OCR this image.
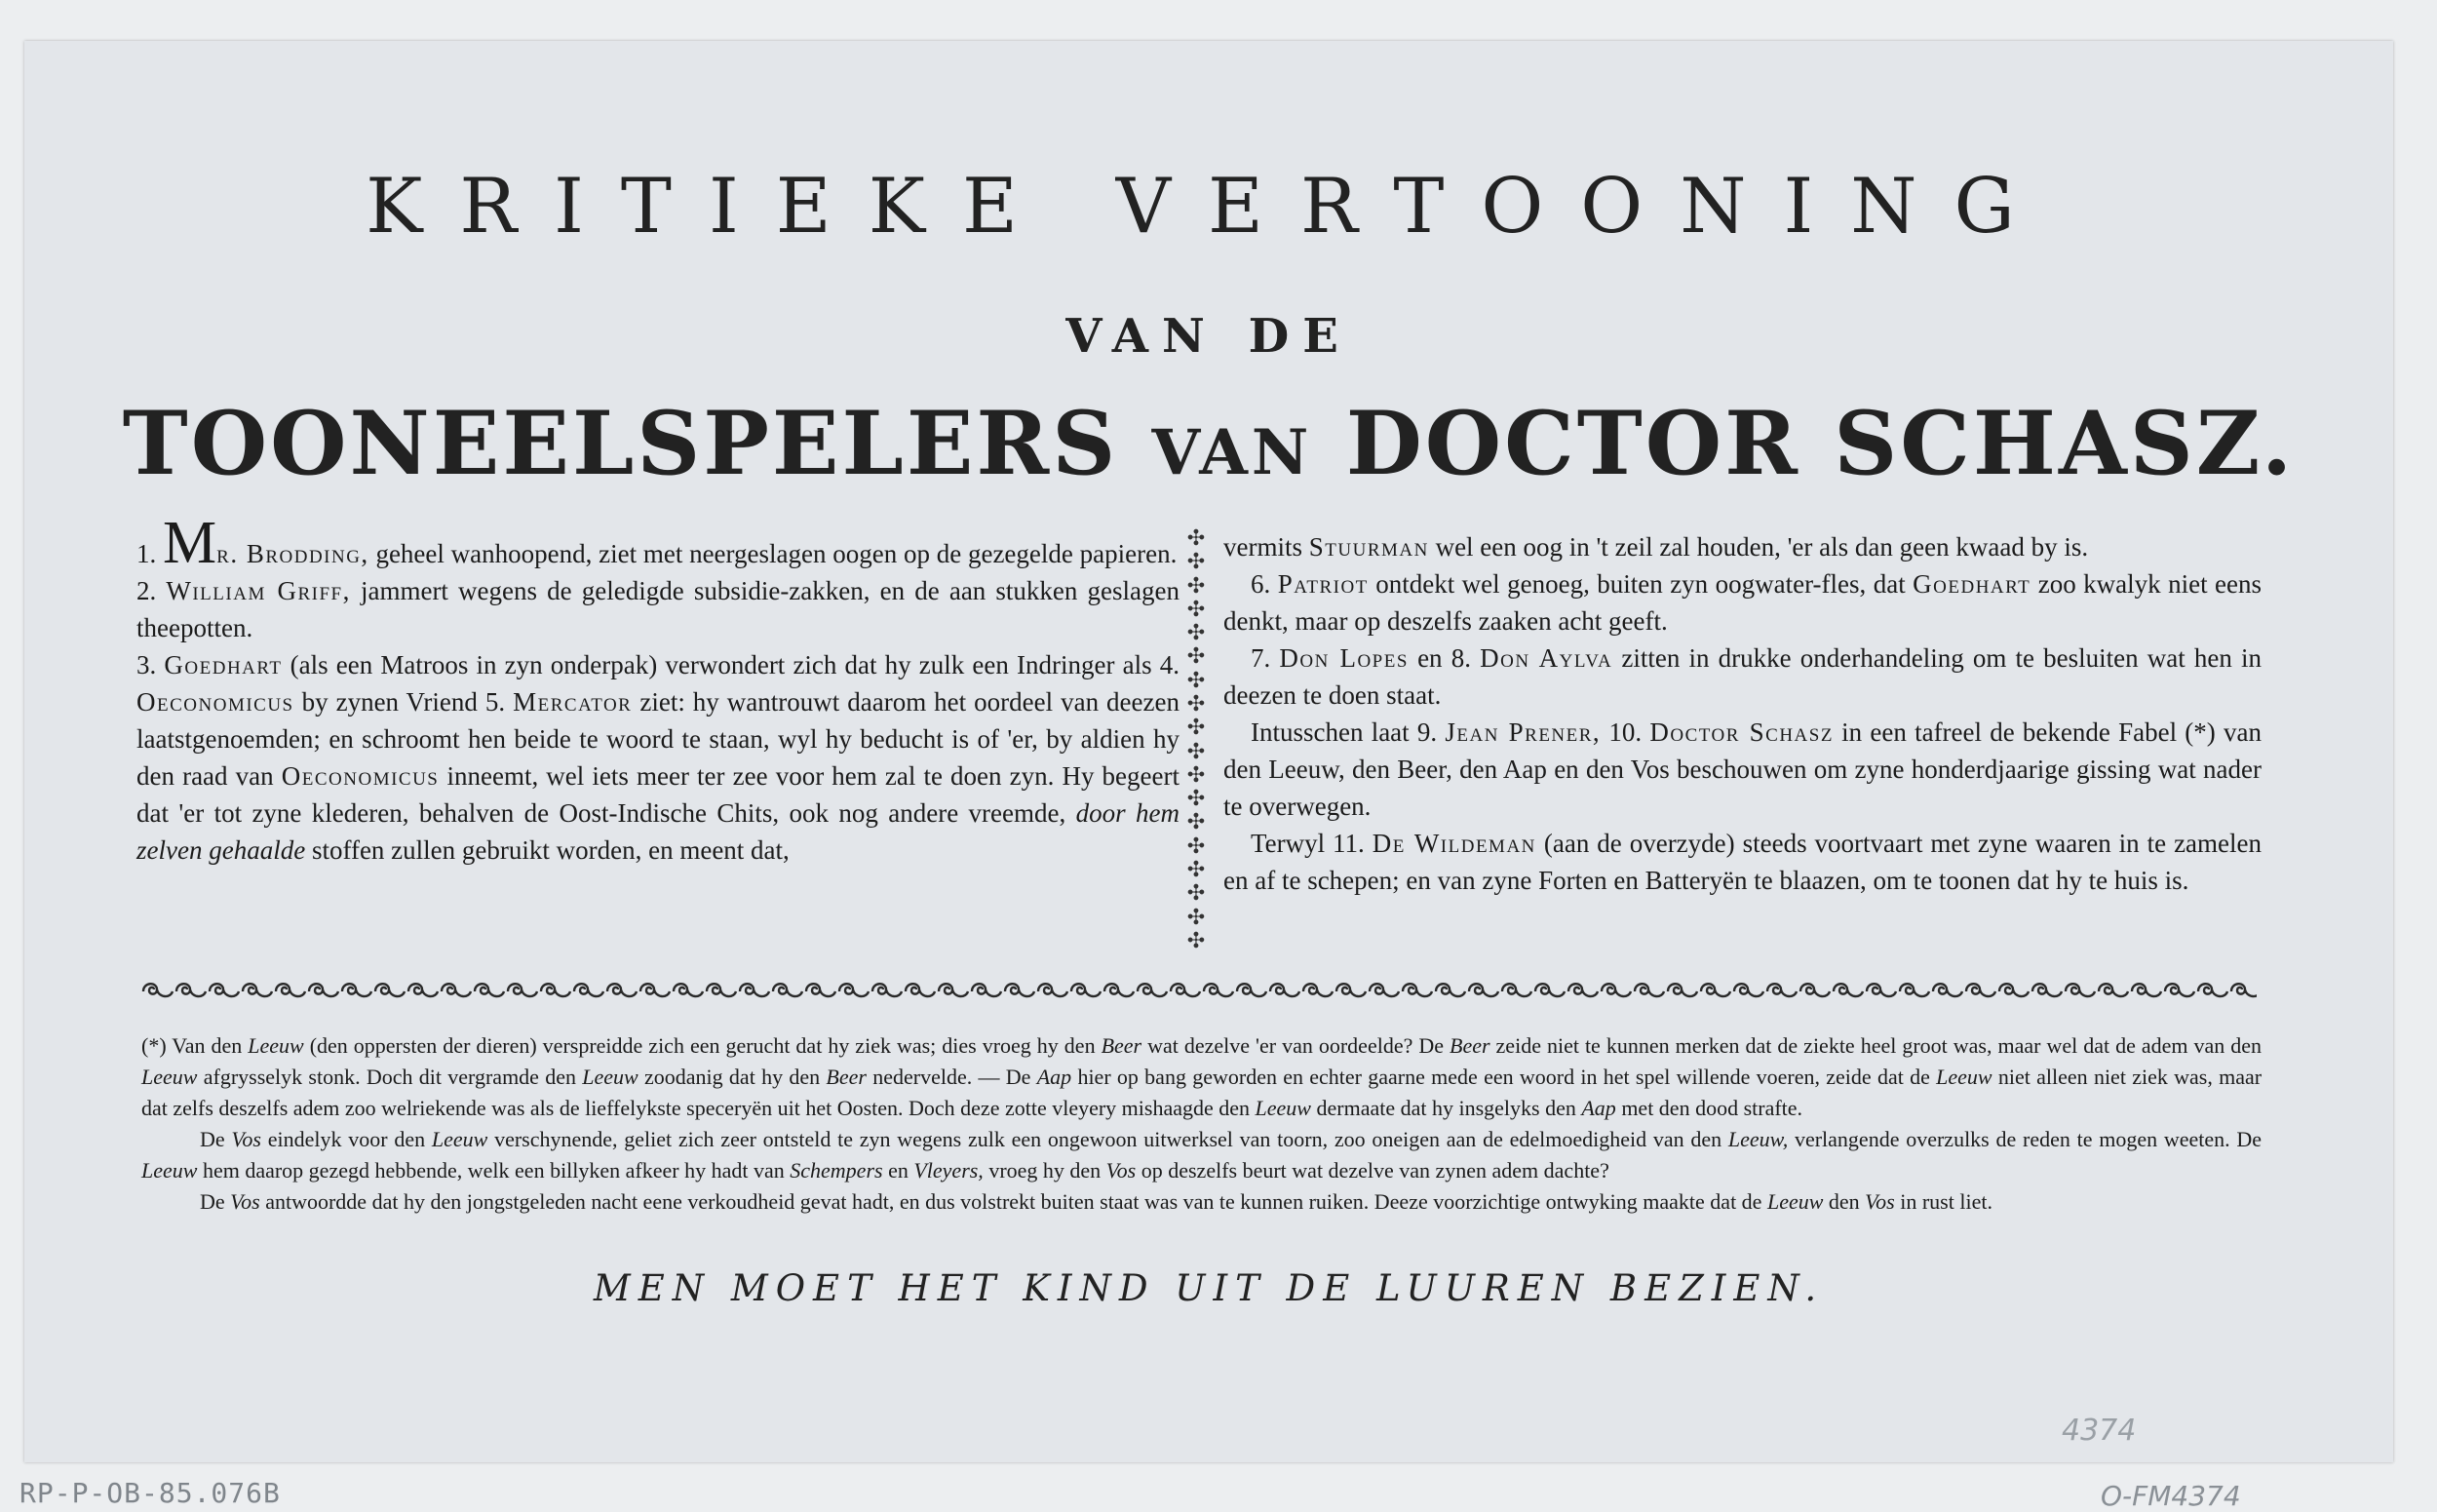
KRITIEKE VERTOONING
VAN DE
TOONEELSPELERS VAN DOCTOR SCHASZ.

1. Mr. Brodding, geheel wanhoopend, ziet met neergeslagen oogen op de gezegelde papieren.

2. William Griff, jammert wegens de geledigde subsidie-zakken, en de aan stukken geslagen theepotten.

3. Goedhart (als een Matroos in zyn onderpak) verwondert zich dat hy zulk een Indringer als 4. Oeconomicus by zynen Vriend 5. Mercator ziet: hy wantrouwt daarom het oordeel van deezen laatstgenoemden; en schroomt hen beide te woord te staan, wyl hy beducht is of 'er, by aldien hy den raad van Oeconomicus inneemt, wel iets meer ter zee voor hem zal te doen zyn. Hy begeert dat 'er tot zyne klederen, behalven de Oost-Indische Chits, ook nog andere vreemde, door hem zelven gehaalde stoffen zullen gebruikt worden, en meent dat,

✣
✣
✣
✣
✣
✣
✣
✣
✣
✣
✣
✣
✣
✣
✣
✣
✣
✣

vermits Stuurman wel een oog in 't zeil zal houden, 'er als dan geen kwaad by is.

6. Patriot ontdekt wel genoeg, buiten zyn oogwater-fles, dat Goedhart zoo kwalyk niet eens denkt, maar op deszelfs zaaken acht geeft.

7. Don Lopes en 8. Don Aylva zitten in drukke onderhandeling om te besluiten wat hen in deezen te doen staat.

Intusschen laat 9. Jean Prener, 10. Doctor Schasz in een tafreel de bekende Fabel (*) van den Leeuw, den Beer, den Aap en den Vos beschouwen om zyne honderdjaarige gissing wat nader te overwegen.

Terwyl 11. De Wildeman (aan de overzyde) steeds voortvaart met zyne waaren in te zamelen en af te schepen; en van zyne Forten en Batteryën te blaazen, om te toonen dat hy te huis is.

(*) Van den Leeuw (den oppersten der dieren) verspreidde zich een gerucht dat hy ziek was; dies vroeg hy den Beer wat dezelve 'er van oordeelde? De Beer zeide niet te kunnen merken dat de ziekte heel groot was, maar wel dat de adem van den Leeuw afgrysselyk stonk. Doch dit vergramde den Leeuw zoodanig dat hy den Beer nedervelde. — De Aap hier op bang geworden en echter gaarne mede een woord in het spel willende voeren, zeide dat de Leeuw niet alleen niet ziek was, maar dat zelfs deszelfs adem zoo welriekende was als de lieffelykste speceryën uit het Oosten. Doch deze zotte vleyery mishaagde den Leeuw dermaate dat hy insgelyks den Aap met den dood strafte.

De Vos eindelyk voor den Leeuw verschynende, geliet zich zeer ontsteld te zyn wegens zulk een ongewoon uitwerksel van toorn, zoo oneigen aan de edelmoedigheid van den Leeuw, verlangende overzulks de reden te mogen weeten. De Leeuw hem daarop gezegd hebbende, welk een billyken afkeer hy hadt van Schempers en Vleyers, vroeg hy den Vos op deszelfs beurt wat dezelve van zynen adem dachte?

De Vos antwoordde dat hy den jongstgeleden nacht eene verkoudheid gevat hadt, en dus volstrekt buiten staat was van te kunnen ruiken. Deeze voorzichtige ontwyking maakte dat de Leeuw den Vos in rust liet.

MEN MOET HET KIND UIT DE LUUREN BEZIEN.
4374
RP-P-OB-85.076B	O-FM4374
